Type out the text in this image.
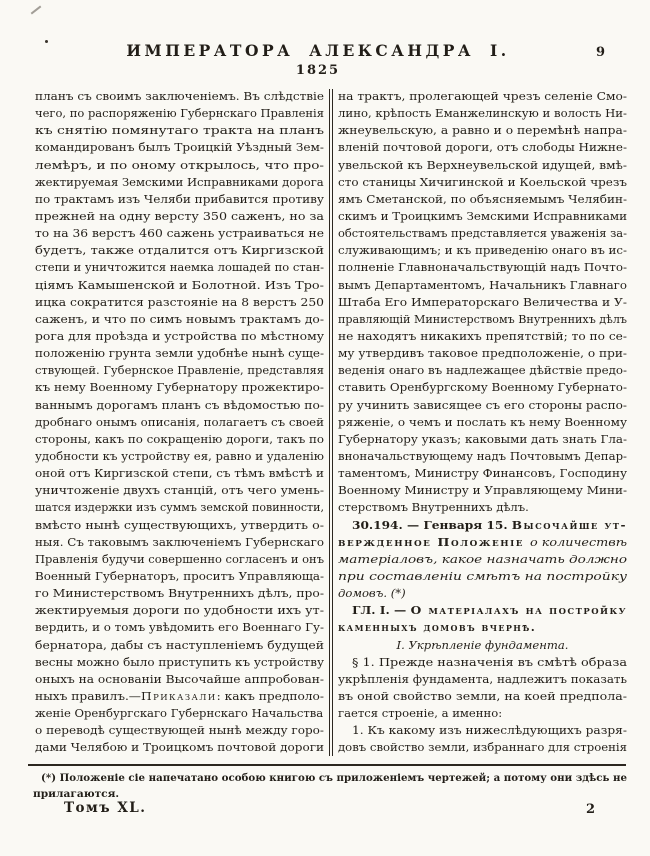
ИМПЕРАТОРА АЛЕКСАНДРА I.	9
1825
планъ съ своимъ заключеніемъ. Въ слѣдствіе
чего, по распоряженію Губернскаго Правленія
къ снятію помянутаго тракта на планъ
командированъ былъ Троицкій Уѣздный Зем-
лемѣръ, и по оному открылось, что про-
жектируемая Земскими Исправниками дорога
по трактамъ изъ Челяби прибавится противу
прежней на одну версту 350 саженъ, но за
то на 36 верстъ 460 сажень устраиваться не
будетъ, также отдалится отъ Киргизской
степи и уничтожится наемка лошадей по стан-
ціямъ Камышенской и Болотной. Изъ Тро-
ицка сократится разстояніе на 8 верстъ 250
саженъ, и что по симъ новымъ трактамъ до-
рога для проѣзда и устройства по мѣстному
положенію грунта земли удобнѣе нынѣ суще-
ствующей. Губернское Правленіе, представляя
къ нему Военному Губернатору прожектиро-
ваннымъ дорогамъ планъ съ вѣдомостью по-
дробнаго онымъ описанія, полагаетъ съ своей
стороны, какъ по сокращенію дороги, такъ по
удобности къ устройству ея, равно и удаленію
оной отъ Киргизской степи, съ тѣмъ вмѣстѣ и
уничтоженіе двухъ станцій, отъ чего умень-
шатся издержки изъ суммъ земской повинности,
вмѣсто нынѣ существующихъ, утвердить о-
ныя. Съ таковымъ заключеніемъ Губернскаго
Правленія будучи совершенно согласенъ и онъ
Военный Губернаторъ, проситъ Управляюща-
го Министерствомъ Внутреннихъ дѣлъ, про-
жектируемыя дороги по удобности ихъ ут-
вердить, и о томъ увѣдомить его Военнаго Гу-
бернатора, дабы съ наступленіемъ будущей
весны можно было приступить къ устройству
оныхъ на основаніи Высочайше аппробован-
ныхъ правилъ.—Приказали: какъ предполо-
женіе Оренбургскаго Губернскаго Начальства
о переводѣ существующей нынѣ между горо-
дами Челябою и Троицкомъ почтовой дороги
на трактъ, пролегающей чрезъ селеніе Смо-
лино, крѣпость Еманжелинскую и волость Ни-
жнеувельскую, а равно и о перемѣнѣ напра-
вленій почтовой дороги, отъ слободы Нижне-
увельской къ Верхнеувельской идущей, вмѣ-
сто станицы Хичигинской и Коельской чрезъ
ямъ Сметанской, по объясняемымъ Челябин-
скимъ и Троицкимъ Земскими Исправниками
обстоятельствамъ представляется уваженія за-
служивающимъ; и къ приведенію онаго въ ис-
полненіе Главноначальствующій надъ Почто-
вымъ Департаментомъ, Начальникъ Главнаго
Штаба Его Императорскаго Величества и У-
правляющій Министерствомъ Внутреннихъ дѣлъ
не находятъ никакихъ препятствій; то по се-
му утвердивъ таковое предположеніе, о при-
веденія онаго въ надлежащее дѣйствіе предо-
ставить Оренбургскому Военному Губернато-
ру учинить зависящее съ его стороны распо-
ряженіе, о чемъ и послать къ нему Военному
Губернатору указъ; каковыми дать знать Гла-
вноначальствующему надъ Почтовымъ Депар-
таментомъ, Министру Финансовъ, Господину
Военному Министру и Управляющему Мини-
стерствомъ Внутреннихъ дѣлъ.
30.194. — Генваря 15. Высочайше ут-
вержденное Положеніе о количествѣ
матеріаловъ, какое назначать должно
при составленіи смѣтъ на постройку
домовъ. (*)
ГЛ. I. — О матеріалахъ на постройку
каменныхъ домовъ вчернѣ.
I. Укрѣпленіе фундамента.
§ 1. Прежде назначенія въ смѣтѣ образа
укрѣпленія фундамента, надлежитъ показать
въ оной свойство земли, на коей предпола-
гается строеніе, а именно:
1. Къ какому изъ нижеслѣдующихъ разря-
довъ свойство земли, избраннаго для строенія
(*) Положеніе сіе напечатано особою книгою съ приложеніемъ чертежей; а потому они здѣсь не
прилагаются.
Томъ XL.	2
